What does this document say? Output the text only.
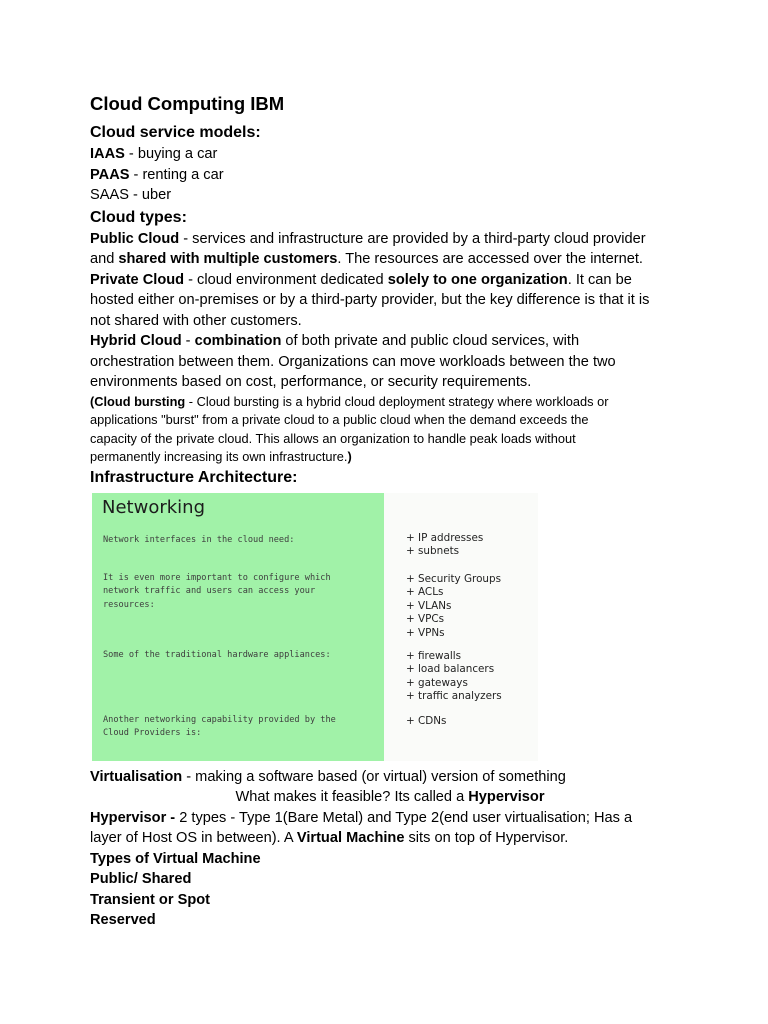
Cloud Computing IBM
Cloud service models:

IAAS - buying a car

PAAS - renting a car

SAAS - uber

Cloud types:

Public Cloud - services and infrastructure are provided by a third-party cloud provider

and shared with multiple customers. The resources are accessed over the internet.

Private Cloud - cloud environment dedicated solely to one organization. It can be

hosted either on-premises or by a third-party provider, but the key difference is that it is

not shared with other customers.

Hybrid Cloud - combination of both private and public cloud services, with

orchestration between them. Organizations can move workloads between the two

environments based on cost, performance, or security requirements.

(Cloud bursting - Cloud bursting is a hybrid cloud deployment strategy where workloads or

applications "burst" from a private cloud to a public cloud when the demand exceeds the

capacity of the private cloud. This allows an organization to handle peak loads without

permanently increasing its own infrastructure.)

Infrastructure Architecture:
Networking
Network interfaces in the cloud need:	+ IP addresses
+ subnets
It is even more important to configure which
network traffic and users can access your
resources:
+ Security Groups
+ ACLs
+ VLANs
+ VPCs
+ VPNs
Some of the traditional hardware appliances:	+ firewalls
+ load balancers
+ gateways
+ traffic analyzers
Another networking capability provided by the
Cloud Providers is:
+ CDNs

Virtualisation - making a software based (or virtual) version of something

What makes it feasible? Its called a Hypervisor

Hypervisor - 2 types - Type 1(Bare Metal) and Type 2(end user virtualisation; Has a

layer of Host OS in between). A Virtual Machine sits on top of Hypervisor.

Types of Virtual Machine

Public/ Shared

Transient or Spot

Reserved
